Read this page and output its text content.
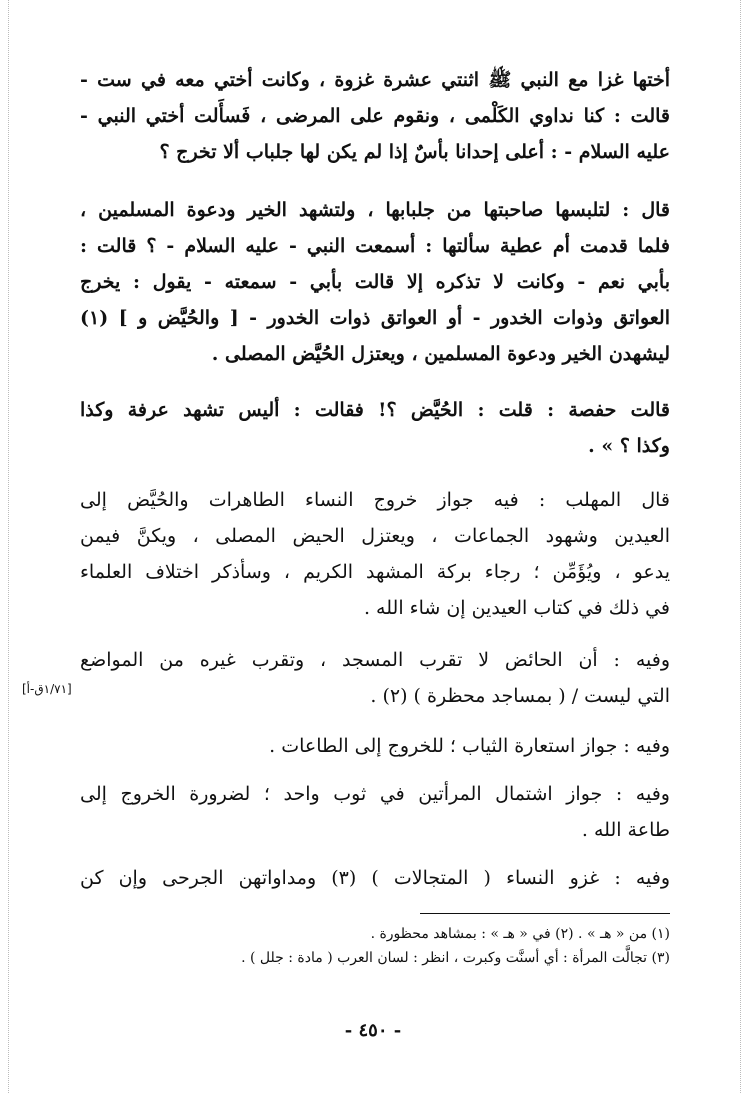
أختها غزا مع النبي ﷺ اثنتي عشرة غزوة ، وكانت أختي معه في ست -
قالت : كنا نداوي الكَلْمى ، ونقوم على المرضى ، فَسأَلت أختي النبي -
عليه السلام - : أعلى إحدانا بأسٌ إذا لم يكن لها جلباب ألا تخرج ؟
قال : لتلبسها صاحبتها من جلبابها ، ولتشهد الخير ودعوة المسلمين ،
فلما قدمت أم عطية سألتها : أسمعت النبي - عليه السلام - ؟ قالت :
بأبي نعم - وكانت لا تذكره إلا قالت بأبي - سمعته - يقول : يخرج
العواتق وذوات الخدور - أو العواتق ذوات الخدور - [ والحُيَّض و ] (١)
ليشهدن الخير ودعوة المسلمين ، ويعتزل الحُيَّض المصلى .
قالت حفصة : قلت : الحُيَّض ؟! فقالت : أليس تشهد عرفة وكذا
وكذا ؟ » .
قال المهلب : فيه جواز خروج النساء الطاهرات والحُيَّض إلى
العيدين وشهود الجماعات ، ويعتزل الحيض المصلى ، ويكنَّ فيمن
يدعو ، ويُؤَمِّن ؛ رجاء بركة المشهد الكريم ، وسأذكر اختلاف العلماء
في ذلك في كتاب العيدين إن شاء الله .
وفيه : أن الحائض لا تقرب المسجد ، وتقرب غيره من المواضع
التي ليست / ( بمساجد محظرة ) (٢) .
[١/٧١ق-أ]
وفيه : جواز استعارة الثياب ؛ للخروج إلى الطاعات .
وفيه : جواز اشتمال المرأتين في ثوب واحد ؛ لضرورة الخروج إلى
طاعة الله .
وفيه : غزو النساء ( المتجالات ) (٣) ومداواتهن الجرحى وإن كن
(١) من « هـ » . (٢) في « هـ » : بمشاهد محظورة .
(٣) تجالَّت المرأة : أي أسنَّت وكبرت ، انظر : لسان العرب ( مادة : جلل ) .
- ٤٥٠ -
